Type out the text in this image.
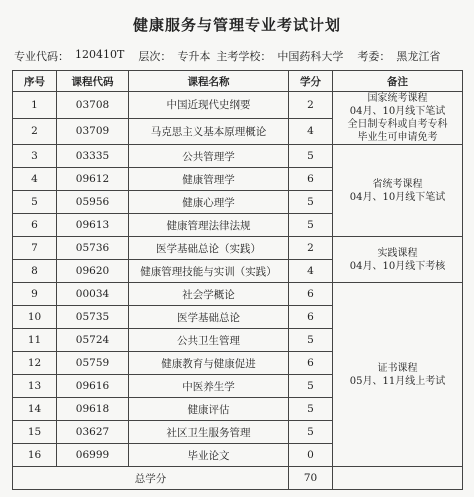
健康服务与管理专业考试计划
专业代码： 120410T 层次： 专升本 主考学校： 中国药科大学 考委： 黑龙江省
序号	课程代码	课程名称	学分	备注
1	03708	中国近现代史纲要	2	国家统考课程
04月、10月线下笔试
全日制专科或自考专科
毕业生可申请免考
2	03709	马克思主义基本原理概论	4	
3	03335	公共管理学	5	省统考课程
04月、10月线下笔试
4	09612	健康管理学	6	
5	05956	健康心理学	5	
6	09613	健康管理法律法规	5	
7	05736	医学基础总论（实践）	2	实践课程
04月、10月线下考核
8	09620	健康管理技能与实训（实践）	4	
9	00034	社会学概论	6	证书课程
05月、11月线上考试
10	05735	医学基础总论	6	
11	05724	公共卫生管理	5	
12	05759	健康教育与健康促进	6	
13	09616	中医养生学	5	
14	09618	健康评估	5	
15	03627	社区卫生服务管理	5	
16	06999	毕业论文	0	
总学分			70	
